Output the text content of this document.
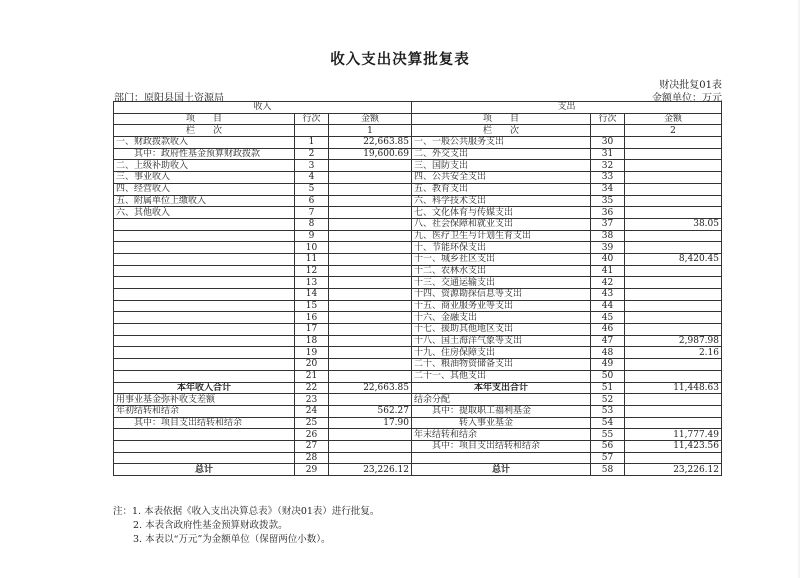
收入支出决算批复表
财决批复01表
部门：原阳县国土资源局	金额单位：万元
收入			支出		
项　　目	行次	金额	项　　目	行次	金额
栏　　次		1	栏　　次		2
一、财政拨款收入	1	22,663.85	一、一般公共服务支出	30	
　　其中：政府性基金预算财政拨款	2	19,600.69	二、外交支出	31	
二、上级补助收入	3		三、国防支出	32	
三、事业收入	4		四、公共安全支出	33	
四、经营收入	5		五、教育支出	34	
五、附属单位上缴收入	6		六、科学技术支出	35	
六、其他收入	7		七、文化体育与传媒支出	36	
	8		八、社会保障和就业支出	37	38.05
	9		九、医疗卫生与计划生育支出	38	
	10		十、节能环保支出	39	
	11		十一、城乡社区支出	40	8,420.45
	12		十二、农林水支出	41	
	13		十三、交通运输支出	42	
	14		十四、资源勘探信息等支出	43	
	15		十五、商业服务业等支出	44	
	16		十六、金融支出	45	
	17		十七、援助其他地区支出	46	
	18		十八、国土海洋气象等支出	47	2,987.98
	19		十九、住房保障支出	48	2.16
	20		二十、粮油物资储备支出	49	
	21		二十一、其他支出	50	
本年收入合计	22	22,663.85	本年支出合计	51	11,448.63
用事业基金弥补收支差额	23		结余分配	52	
年初结转和结余	24	562.27	　　其中：提取职工福利基金	53	
　　其中：项目支出结转和结余	25	17.90	　　　　　转入事业基金	54	
	26		年末结转和结余	55	11,777.49
	27		　　其中：项目支出结转和结余	56	11,423.56
	28			57	
总计	29	23,226.12	总计	58	23,226.12
注：1. 本表依据《收入支出决算总表》（财决01表）进行批复。
2. 本表含政府性基金预算财政拨款。
3. 本表以“万元”为金额单位（保留两位小数）。
